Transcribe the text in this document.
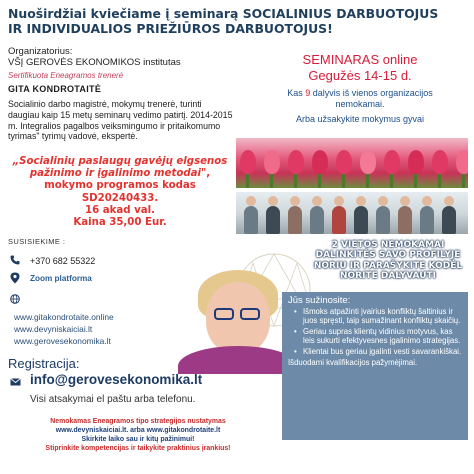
Nuoširdžiai kviečiame į seminarą SOCIALINIUS DARBUOTOJUS
IR INDIVIDUALIOS PRIEŽIŪROS DARBUOTOJUS!
Organizatorius:
VŠĮ GEROVĖS EKONOMIKOS institutas
Sertifikuota Eneagramos trenerė
GITA KONDROTAITĖ
Socialinio darbo magistrė, mokymų trenerė, turinti daugiau kaip 15 metų seminarų vedimo patirtį. 2014-2015 m. Integralios pagalbos veiksmingumo ir pritaikomumo tyrimas" tyrimų vadovė, ekspertė.
SEMINARAS online
Gegužės 14-15 d.
Kas 9 dalyvis iš vienos organizacijos nemokamai.
Arba užsakykite mokymus gyvai
„Socialinių paslaugų gavėjų elgsenos pažinimo ir įgalinimo metodai", mokymo programos kodas SD20240433.
16 akad val.
Kaina 35,00 Eur.
SUSISIEKIME :
+370 682 55322
Zoom platforma
www.gitakondrotaite.online
www.devyniskaiciai.lt
www.gerovesekonomika.lt
2 VIETOS NEMOKAMAI
DALINKITĖS SAVO PROFILYJE
NORIU IR PARAŠYKITE KODĖL
NORITE DALYVAUTI
Jūs sužinosite:
• Išmoks atpažinti įvairius konfliktų šaltinius ir juos spręsti, taip sumažinant konfliktų skaičių.
• Geriau supras klientų vidinius motyvus, kas leis sukurti efektyvesnes įgalinimo strategijas.
• Klientai bus geriau įgalinti vesti savarankiškai.
Išduodami kvalifikacijos pažymėjimai.
Registracija:
info@gerovesekonomika.lt
Visi atsakymai el paštu arba telefonu.
Nemokamas Eneagramos tipo strategijos nustatymas
www.devyniskaiciai.lt. arba www.gitakondrotaite.lt
Skirkite laiko sau ir kitų pažinimui!
Stiprinkite kompetencijas ir taikykite praktinius įrankius!
